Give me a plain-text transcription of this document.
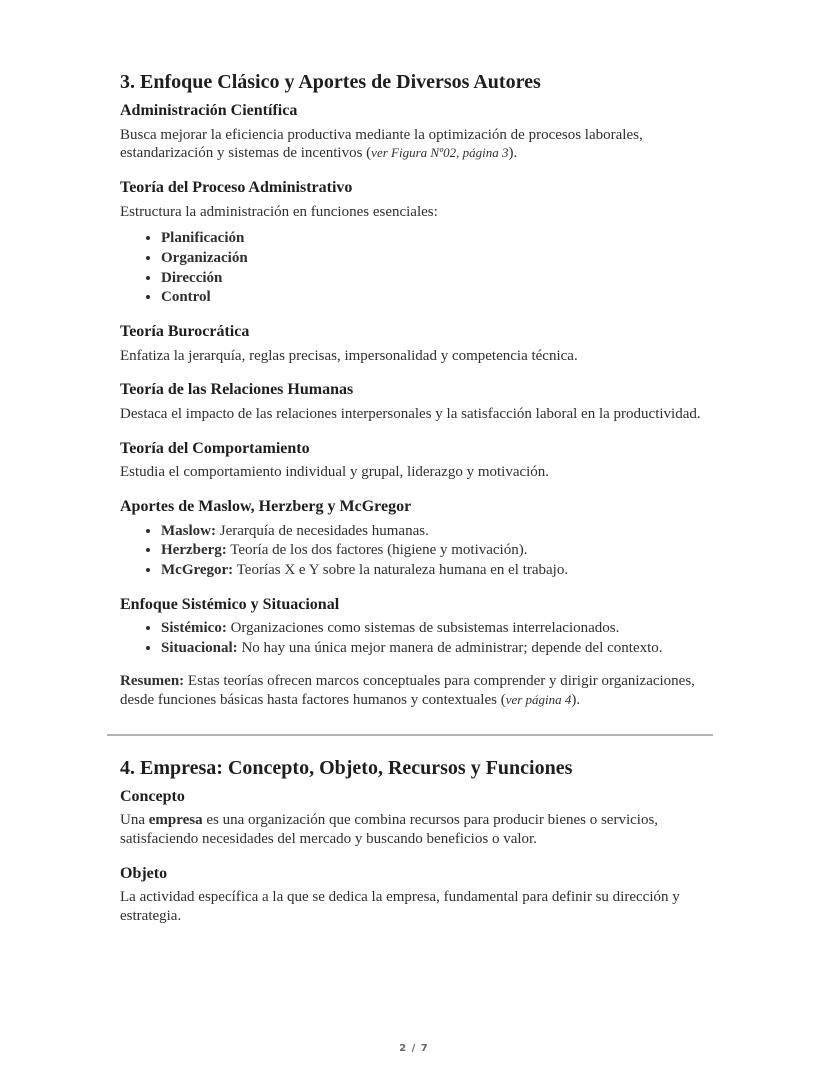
3. Enfoque Clásico y Aportes de Diversos Autores
Administración Científica

Busca mejorar la eficiencia productiva mediante la optimización de procesos laborales, estandarización y sistemas de incentivos (ver Figura Nº02, página 3).

Teoría del Proceso Administrativo

Estructura la administración en funciones esenciales:

• Planificación
• Organización
• Dirección
• Control
Teoría Burocrática

Enfatiza la jerarquía, reglas precisas, impersonalidad y competencia técnica.

Teoría de las Relaciones Humanas

Destaca el impacto de las relaciones interpersonales y la satisfacción laboral en la productividad.

Teoría del Comportamiento

Estudia el comportamiento individual y grupal, liderazgo y motivación.

Aportes de Maslow, Herzberg y McGregor
• Maslow: Jerarquía de necesidades humanas.
• Herzberg: Teoría de los dos factores (higiene y motivación).
• McGregor: Teorías X e Y sobre la naturaleza humana en el trabajo.
Enfoque Sistémico y Situacional
• Sistémico: Organizaciones como sistemas de subsistemas interrelacionados.
• Situacional: No hay una única mejor manera de administrar; depende del contexto.

Resumen: Estas teorías ofrecen marcos conceptuales para comprender y dirigir organizaciones, desde funciones básicas hasta factores humanos y contextuales (ver página 4).

4. Empresa: Concepto, Objeto, Recursos y Funciones
Concepto

Una empresa es una organización que combina recursos para producir bienes o servicios, satisfaciendo necesidades del mercado y buscando beneficios o valor.

Objeto

La actividad específica a la que se dedica la empresa, fundamental para definir su dirección y estrategia.

2 / 7
